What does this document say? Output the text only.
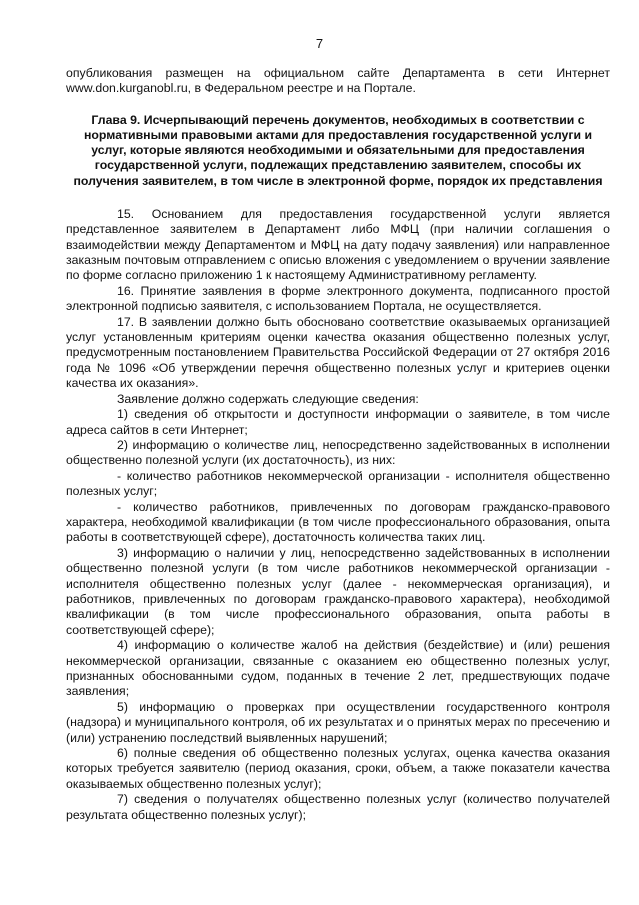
7

опубликования размещен на официальном сайте Департамента в сети Интернет www.don.kurganobl.ru, в Федеральном реестре и на Портале.

Глава 9. Исчерпывающий перечень документов, необходимых в соответствии с нормативными правовыми актами для предоставления государственной услуги и услуг, которые являются необходимыми и обязательными для предоставления государственной услуги, подлежащих представлению заявителем, способы их получения заявителем, в том числе в электронной форме, порядок их представления

15. Основанием для предоставления государственной услуги является представленное заявителем в Департамент либо МФЦ (при наличии соглашения о взаимодействии между Департаментом и МФЦ на дату подачу заявления) или направленное заказным почтовым отправлением с описью вложения с уведомлением о вручении заявление по форме согласно приложению 1 к настоящему Административному регламенту.

16. Принятие заявления в форме электронного документа, подписанного простой электронной подписью заявителя, с использованием Портала, не осуществляется.

17. В заявлении должно быть обосновано соответствие оказываемых организацией услуг установленным критериям оценки качества оказания общественно полезных услуг, предусмотренным постановлением Правительства Российской Федерации от 27 октября 2016 года № 1096 «Об утверждении перечня общественно полезных услуг и критериев оценки качества их оказания».

Заявление должно содержать следующие сведения:

1) сведения об открытости и доступности информации о заявителе, в том числе адреса сайтов в сети Интернет;

2) информацию о количестве лиц, непосредственно задействованных в исполнении общественно полезной услуги (их достаточность), из них:

- количество работников некоммерческой организации - исполнителя общественно полезных услуг;

- количество работников, привлеченных по договорам гражданско-правового характера, необходимой квалификации (в том числе профессионального образования, опыта работы в соответствующей сфере), достаточность количества таких лиц.

3) информацию о наличии у лиц, непосредственно задействованных в исполнении общественно полезной услуги (в том числе работников некоммерческой организации - исполнителя общественно полезных услуг (далее - некоммерческая организация), и работников, привлеченных по договорам гражданско-правового характера), необходимой квалификации (в том числе профессионального образования, опыта работы в соответствующей сфере);

4) информацию о количестве жалоб на действия (бездействие) и (или) решения некоммерческой организации, связанные с оказанием ею общественно полезных услуг, признанных обоснованными судом, поданных в течение 2 лет, предшествующих подаче заявления;

5) информацию о проверках при осуществлении государственного контроля (надзора) и муниципального контроля, об их результатах и о принятых мерах по пресечению и (или) устранению последствий выявленных нарушений;

6) полные сведения об общественно полезных услугах, оценка качества оказания которых требуется заявителю (период оказания, сроки, объем, а также показатели качества оказываемых общественно полезных услуг);

7) сведения о получателях общественно полезных услуг (количество получателей результата общественно полезных услуг);
